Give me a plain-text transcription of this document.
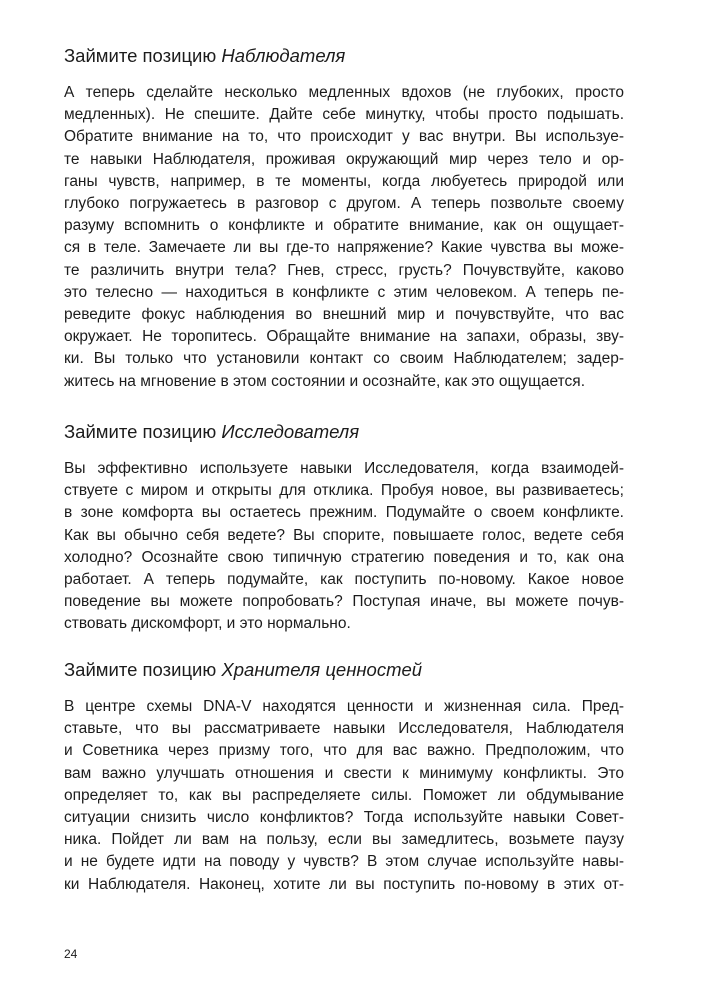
Займите позицию Наблюдателя
А теперь сделайте несколько медленных вдохов (не глубоких, просто
медленных). Не спешите. Дайте себе минутку, чтобы просто подышать.
Обратите внимание на то, что происходит у вас внутри. Вы используе-
те навыки Наблюдателя, проживая окружающий мир через тело и ор-
ганы чувств, например, в те моменты, когда любуетесь природой или
глубоко погружаетесь в разговор с другом. А теперь позвольте своему
разуму вспомнить о конфликте и обратите внимание, как он ощущает-
ся в теле. Замечаете ли вы где-то напряжение? Какие чувства вы може-
те различить внутри тела? Гнев, стресс, грусть? Почувствуйте, каково
это телесно — находиться в конфликте с этим человеком. А теперь пе-
реведите фокус наблюдения во внешний мир и почувствуйте, что вас
окружает. Не торопитесь. Обращайте внимание на запахи, образы, зву-
ки. Вы только что установили контакт со своим Наблюдателем; задер-
житесь на мгновение в этом состоянии и осознайте, как это ощущается.
Займите позицию Исследователя
Вы эффективно используете навыки Исследователя, когда взаимодей-
ствуете с миром и открыты для отклика. Пробуя новое, вы развиваетесь;
в зоне комфорта вы остаетесь прежним. Подумайте о своем конфликте.
Как вы обычно себя ведете? Вы спорите, повышаете голос, ведете себя
холодно? Осознайте свою типичную стратегию поведения и то, как она
работает. А теперь подумайте, как поступить по-новому. Какое новое
поведение вы можете попробовать? Поступая иначе, вы можете почув-
ствовать дискомфорт, и это нормально.
Займите позицию Хранителя ценностей
В центре схемы DNA-V находятся ценности и жизненная сила. Пред-
ставьте, что вы рассматриваете навыки Исследователя, Наблюдателя
и Советника через призму того, что для вас важно. Предположим, что
вам важно улучшать отношения и свести к минимуму конфликты. Это
определяет то, как вы распределяете силы. Поможет ли обдумывание
ситуации снизить число конфликтов? Тогда используйте навыки Совет-
ника. Пойдет ли вам на пользу, если вы замедлитесь, возьмете паузу
и не будете идти на поводу у чувств? В этом случае используйте навы-
ки Наблюдателя. Наконец, хотите ли вы поступить по-новому в этих от-
24
